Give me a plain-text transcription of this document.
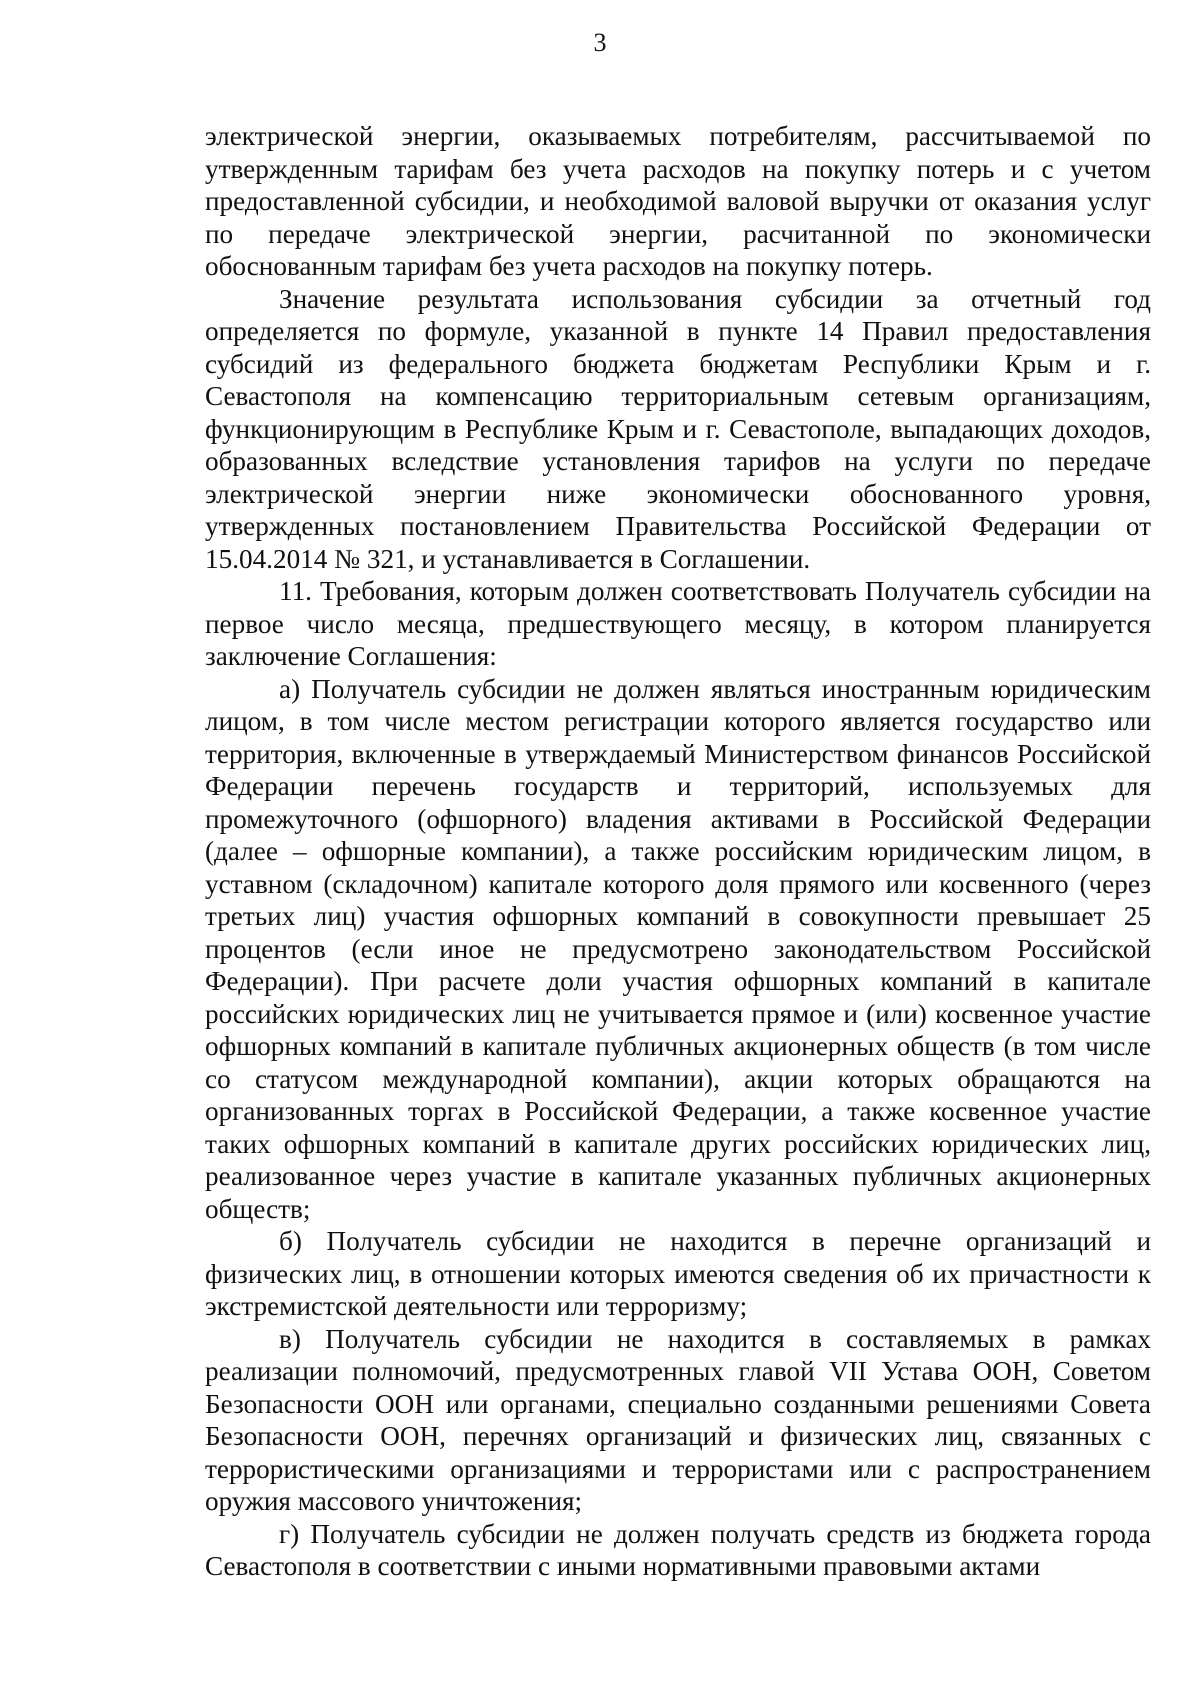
3

электрической энергии, оказываемых потребителям, рассчитываемой по утвержденным тарифам без учета расходов на покупку потерь и с учетом предоставленной субсидии, и необходимой валовой выручки от оказания услуг по передаче электрической энергии, расчитанной по экономически обоснованным тарифам без учета расходов на покупку потерь.

Значение результата использования субсидии за отчетный год определяется по формуле, указанной в пункте 14 Правил предоставления субсидий из федерального бюджета бюджетам Республики Крым и г. Севастополя на компенсацию территориальным сетевым организациям, функционирующим в Республике Крым и г. Севастополе, выпадающих доходов, образованных вследствие установления тарифов на услуги по передаче электрической энергии ниже экономически обоснованного уровня, утвержденных постановлением Правительства Российской Федерации от 15.04.2014 № 321, и устанавливается в Соглашении.

11. Требования, которым должен соответствовать Получатель субсидии на первое число месяца, предшествующего месяцу, в котором планируется заключение Соглашения:

а) Получатель субсидии не должен являться иностранным юридическим лицом, в том числе местом регистрации которого является государство или территория, включенные в утверждаемый Министерством финансов Российской Федерации перечень государств и территорий, используемых для промежуточного (офшорного) владения активами в Российской Федерации (далее – офшорные компании), а также российским юридическим лицом, в уставном (складочном) капитале которого доля прямого или косвенного (через третьих лиц) участия офшорных компаний в совокупности превышает 25 процентов (если иное не предусмотрено законодательством Российской Федерации). При расчете доли участия офшорных компаний в капитале российских юридических лиц не учитывается прямое и (или) косвенное участие офшорных компаний в капитале публичных акционерных обществ (в том числе со статусом международной компании), акции которых обращаются на организованных торгах в Российской Федерации, а также косвенное участие таких офшорных компаний в капитале других российских юридических лиц, реализованное через участие в капитале указанных публичных акционерных обществ;

б) Получатель субсидии не находится в перечне организаций и физических лиц, в отношении которых имеются сведения об их причастности к экстремистской деятельности или терроризму;

в) Получатель субсидии не находится в составляемых в рамках реализации полномочий, предусмотренных главой VII Устава ООН, Советом Безопасности ООН или органами, специально созданными решениями Совета Безопасности ООН, перечнях организаций и физических лиц, связанных с террористическими организациями и террористами или с распространением оружия массового уничтожения;

г) Получатель субсидии не должен получать средств из бюджета города Севастополя в соответствии с иными нормативными правовыми актами
